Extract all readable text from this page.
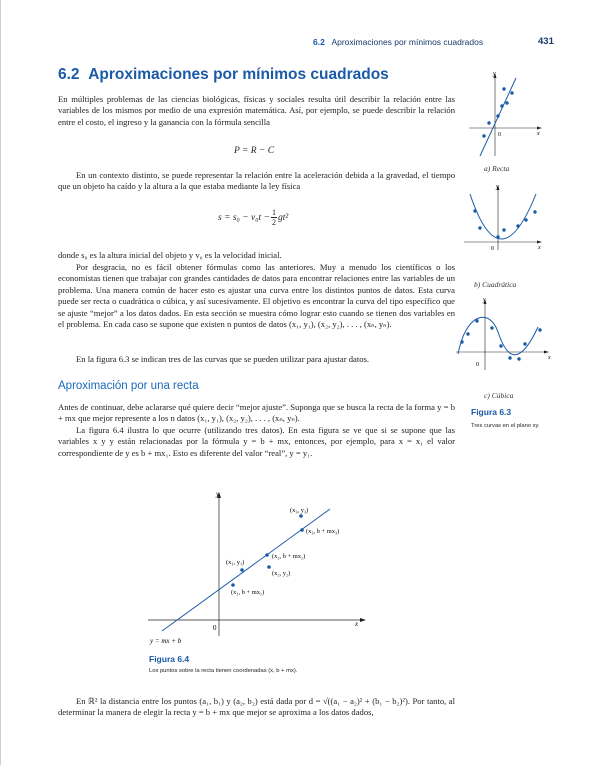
6.2 Aproximaciones por mínimos cuadrados	431
6.2 Aproximaciones por mínimos cuadrados

En múltiples problemas de las ciencias biológicas, físicas y sociales resulta útil describir la relación entre las variables de los mismos por medio de una expresión matemática. Así, por ejemplo, se puede describir la relación entre el costo, el ingreso y la ganancia con la fórmula sencilla

P = R − C

En un contexto distinto, se puede representar la relación entre la aceleración debida a la gravedad, el tiempo que un objeto ha caído y la altura a la que estaba mediante la ley física

$s = s_0 - v_0t - \frac{1}{2} gt^2$

donde s₀ es la altura inicial del objeto y v₀ es la velocidad inicial.

Por desgracia, no es fácil obtener fórmulas como las anteriores. Muy a menudo los científicos o los economistas tienen que trabajar con grandes cantidades de datos para encontrar relaciones entre las variables de un problema. Una manera común de hacer esto es ajustar una curva entre los distintos puntos de datos. Esta curva puede ser recta o cuadrática o cúbica, y así sucesivamente. El objetivo es encontrar la curva del tipo específico que se ajuste “mejor” a los datos dados. En esta sección se muestra cómo lograr esto cuando se tienen dos variables en el problema. En cada caso se supone que existen n puntos de datos (x₁, y₁), (x₂, y₂), . . . , (xₙ, yₙ).

En la figura 6.3 se indican tres de las curvas que se pueden utilizar para ajustar datos.

Aproximación por una recta

Antes de continuar, debe aclararse qué quiere decir “mejor ajuste”. Suponga que se busca la recta de la forma y = b + mx que mejor represente a los n datos (x₁, y₁), (x₂, y₂), . . . , (xₙ, yₙ).

La figura 6.4 ilustra lo que ocurre (utilizando tres datos). En esta figura se ve que si se supone que las variables x y y están relacionadas por la fórmula y = b + mx, entonces, por ejemplo, para x = x₁ el valor correspondiente de y es b + mx₁. Esto es diferente del valor “real”, y = y₁.

x
y
0
(x₃, y₃)
(x₃, b + mx₃)
(x₁, y₁)
(x₂, b + mx₂)
(x₂, y₂)
(x₁, b + mx₁)
y = mx + b
Figura 6.4
Los puntos sobre la recta tienen coordenadas (x, b + mx).

En ℝ² la distancia entre los puntos (a₁, b₁) y (a₂, b₂) está dada por d = √((a₁ − a₂)² + (b₁ − b₂)²). Por tanto, al determinar la manera de elegir la recta y = b + mx que mejor se aproxima a los datos dados,

x
y
0
a) Recta
x
y
0
b) Cuadrática
x
y
0
c) Cúbica
Figura 6.3
Tres curvas en el plano xy.
